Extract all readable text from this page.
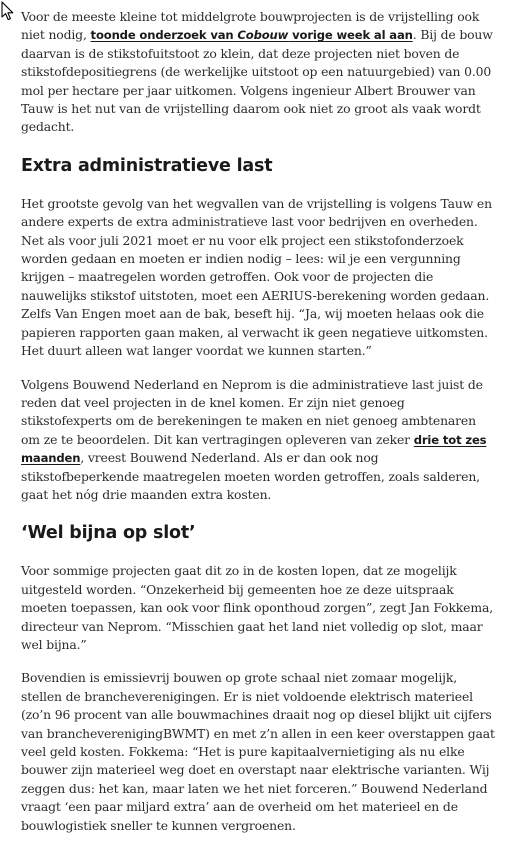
Voor de meeste kleine tot middelgrote bouwprojecten is de vrijstelling ook niet nodig, toonde onderzoek van Cobouw vorige week al aan. Bij de bouw daarvan is de stikstofuitstoot zo klein, dat deze projecten niet boven de stikstofdepositiegrens (de werkelijke uitstoot op een natuurgebied) van 0.00 mol per hectare per jaar uitkomen. Volgens ingenieur Albert Brouwer van Tauw is het nut van de vrijstelling daarom ook niet zo groot als vaak wordt gedacht.

Extra administratieve last

Het grootste gevolg van het wegvallen van de vrijstelling is volgens Tauw en andere experts de extra administratieve last voor bedrijven en overheden. Net als voor juli 2021 moet er nu voor elk project een stikstofonderzoek worden gedaan en moeten er indien nodig – lees: wil je een vergunning krijgen – maatregelen worden getroffen. Ook voor de projecten die nauwelijks stikstof uitstoten, moet een AERIUS-berekening worden gedaan. Zelfs Van Engen moet aan de bak, beseft hij. “Ja, wij moeten helaas ook die papieren rapporten gaan maken, al verwacht ik geen negatieve uitkomsten. Het duurt alleen wat langer voordat we kunnen starten.”

Volgens Bouwend Nederland en Neprom is die administratieve last juist de reden dat veel projecten in de knel komen. Er zijn niet genoeg stikstofexperts om de berekeningen te maken en niet genoeg ambtenaren om ze te beoordelen. Dit kan vertragingen opleveren van zeker drie tot zes maanden, vreest Bouwend Nederland. Als er dan ook nog stikstofbeperkende maatregelen moeten worden getroffen, zoals salderen, gaat het nóg drie maanden extra kosten.

‘Wel bijna op slot’

Voor sommige projecten gaat dit zo in de kosten lopen, dat ze mogelijk uitgesteld worden. “Onzekerheid bij gemeenten hoe ze deze uitspraak moeten toepassen, kan ook voor flink oponthoud zorgen”, zegt Jan Fokkema, directeur van Neprom. “Misschien gaat het land niet volledig op slot, maar wel bijna.”

Bovendien is emissievrij bouwen op grote schaal niet zomaar mogelijk, stellen de brancheverenigingen. Er is niet voldoende elektrisch materieel (zo’n 96 procent van alle bouwmachines draait nog op diesel blijkt uit cijfers van brancheverenigingBWMT) en met z’n allen in een keer overstappen gaat veel geld kosten. Fokkema: “Het is pure kapitaalvernietiging als nu elke bouwer zijn materieel weg doet en overstapt naar elektrische varianten. Wij zeggen dus: het kan, maar laten we het niet forceren.” Bouwend Nederland vraagt ‘een paar miljard extra’ aan de overheid om het materieel en de bouwlogistiek sneller te kunnen vergroenen.
